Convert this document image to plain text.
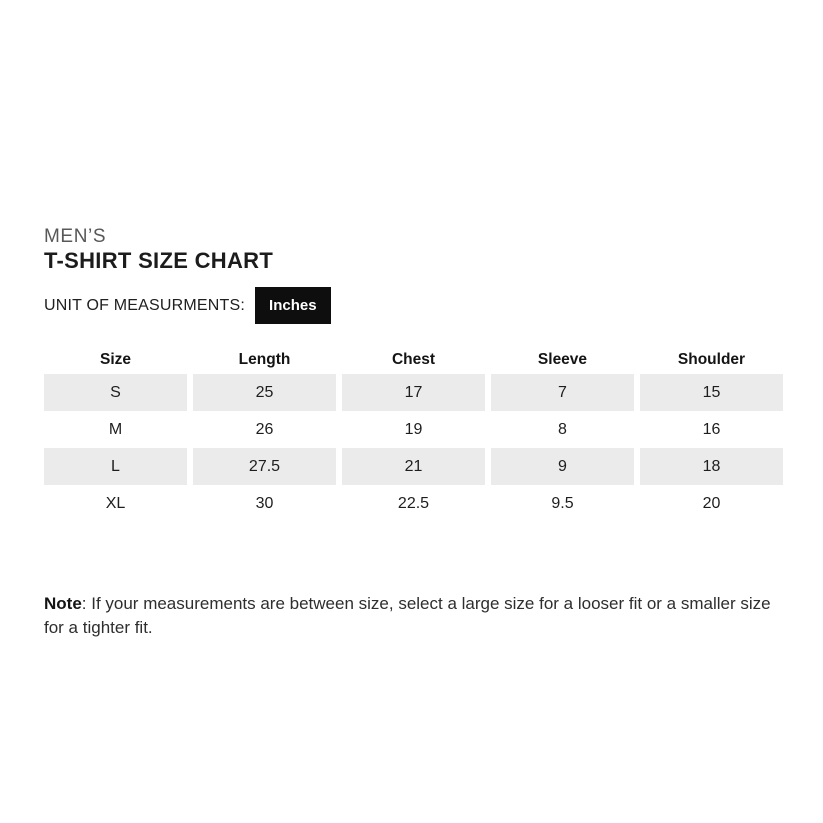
MEN’S
T-SHIRT SIZE CHART
UNIT OF MEASURMENTS:	Inches
Size	Length	Chest	Sleeve	Shoulder
S	25	17	7	15
M	26	19	8	16
L	27.5	21	9	18
XL	30	22.5	9.5	20

Note: If your measurements are between size, select a large size for a looser fit or a smaller size for a tighter fit.
